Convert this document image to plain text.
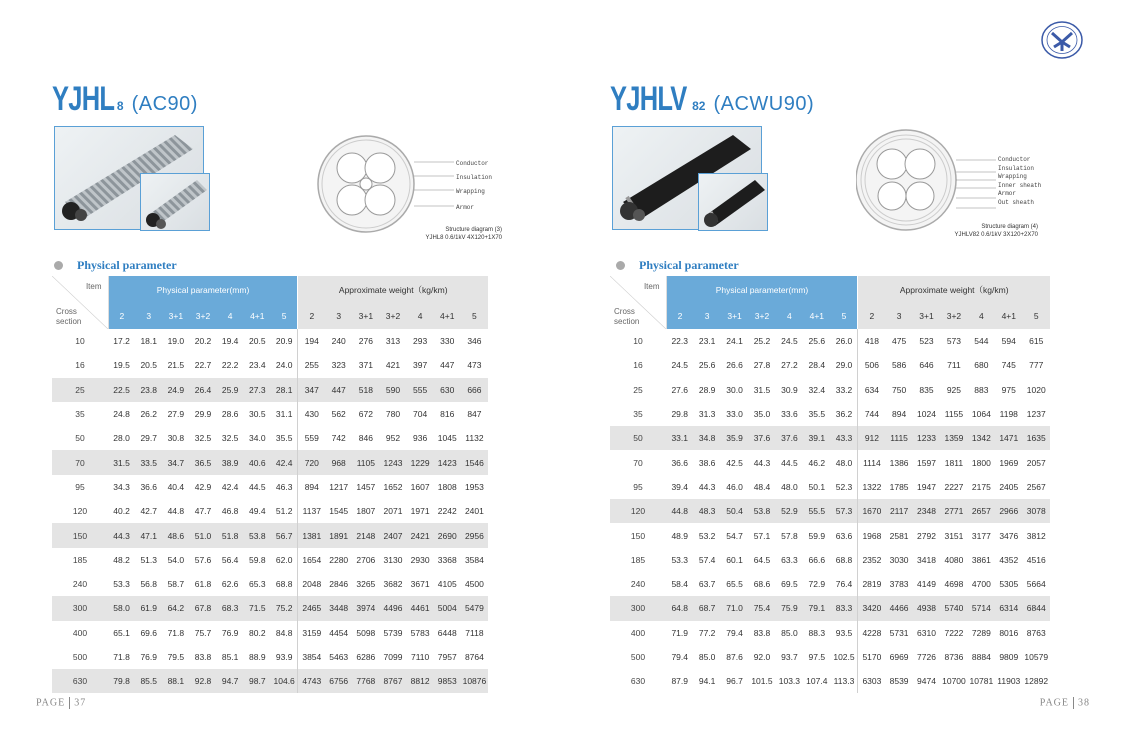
YJHL 8 (AC90)
Conductor
Insulation
Wrapping
Armor
Structure diagram (3)
YJHL8 0.6/1kV 4X120+1X70
Physical parameter
Item
Cross
section	Physical parameter(mm)							Approximate weight（kg/km)						
	2	3	3+1	3+2	4	4+1	5	2	3	3+1	3+2	4	4+1	5
10	17.2	18.1	19.0	20.2	19.4	20.5	20.9	194	240	276	313	293	330	346
16	19.5	20.5	21.5	22.7	22.2	23.4	24.0	255	323	371	421	397	447	473
25	22.5	23.8	24.9	26.4	25.9	27.3	28.1	347	447	518	590	555	630	666
35	24.8	26.2	27.9	29.9	28.6	30.5	31.1	430	562	672	780	704	816	847
50	28.0	29.7	30.8	32.5	32.5	34.0	35.5	559	742	846	952	936	1045	1132
70	31.5	33.5	34.7	36.5	38.9	40.6	42.4	720	968	1105	1243	1229	1423	1546
95	34.3	36.6	40.4	42.9	42.4	44.5	46.3	894	1217	1457	1652	1607	1808	1953
120	40.2	42.7	44.8	47.7	46.8	49.4	51.2	1137	1545	1807	2071	1971	2242	2401
150	44.3	47.1	48.6	51.0	51.8	53.8	56.7	1381	1891	2148	2407	2421	2690	2956
185	48.2	51.3	54.0	57.6	56.4	59.8	62.0	1654	2280	2706	3130	2930	3368	3584
240	53.3	56.8	58.7	61.8	62.6	65.3	68.8	2048	2846	3265	3682	3671	4105	4500
300	58.0	61.9	64.2	67.8	68.3	71.5	75.2	2465	3448	3974	4496	4461	5004	5479
400	65.1	69.6	71.8	75.7	76.9	80.2	84.8	3159	4454	5098	5739	5783	6448	7118
500	71.8	76.9	79.5	83.8	85.1	88.9	93.9	3854	5463	6286	7099	7110	7957	8764
630	79.8	85.5	88.1	92.8	94.7	98.7	104.6	4743	6756	7768	8767	8812	9853	10876
PAGE 37
YJHLV 82 (ACWU90)
Conductor
Insulation
Wrapping
Inner sheath
Armor
Out sheath
Structure diagram (4)
YJHLV82 0.6/1kV 3X120+2X70
Physical parameter
PAGE 38
Item
Cross
section	Physical parameter(mm)							Approximate weight（kg/km)						
	2	3	3+1	3+2	4	4+1	5	2	3	3+1	3+2	4	4+1	5
10	22.3	23.1	24.1	25.2	24.5	25.6	26.0	418	475	523	573	544	594	615
16	24.5	25.6	26.6	27.8	27.2	28.4	29.0	506	586	646	711	680	745	777
25	27.6	28.9	30.0	31.5	30.9	32.4	33.2	634	750	835	925	883	975	1020
35	29.8	31.3	33.0	35.0	33.6	35.5	36.2	744	894	1024	1155	1064	1198	1237
50	33.1	34.8	35.9	37.6	37.6	39.1	43.3	912	1115	1233	1359	1342	1471	1635
70	36.6	38.6	42.5	44.3	44.5	46.2	48.0	1114	1386	1597	1811	1800	1969	2057
95	39.4	44.3	46.0	48.4	48.0	50.1	52.3	1322	1785	1947	2227	2175	2405	2567
120	44.8	48.3	50.4	53.8	52.9	55.5	57.3	1670	2117	2348	2771	2657	2966	3078
150	48.9	53.2	54.7	57.1	57.8	59.9	63.6	1968	2581	2792	3151	3177	3476	3812
185	53.3	57.4	60.1	64.5	63.3	66.6	68.8	2352	3030	3418	4080	3861	4352	4516
240	58.4	63.7	65.5	68.6	69.5	72.9	76.4	2819	3783	4149	4698	4700	5305	5664
300	64.8	68.7	71.0	75.4	75.9	79.1	83.3	3420	4466	4938	5740	5714	6314	6844
400	71.9	77.2	79.4	83.8	85.0	88.3	93.5	4228	5731	6310	7222	7289	8016	8763
500	79.4	85.0	87.6	92.0	93.7	97.5	102.5	5170	6969	7726	8736	8884	9809	10579
630	87.9	94.1	96.7	101.5	103.3	107.4	113.3	6303	8539	9474	10700	10781	11903	12892
